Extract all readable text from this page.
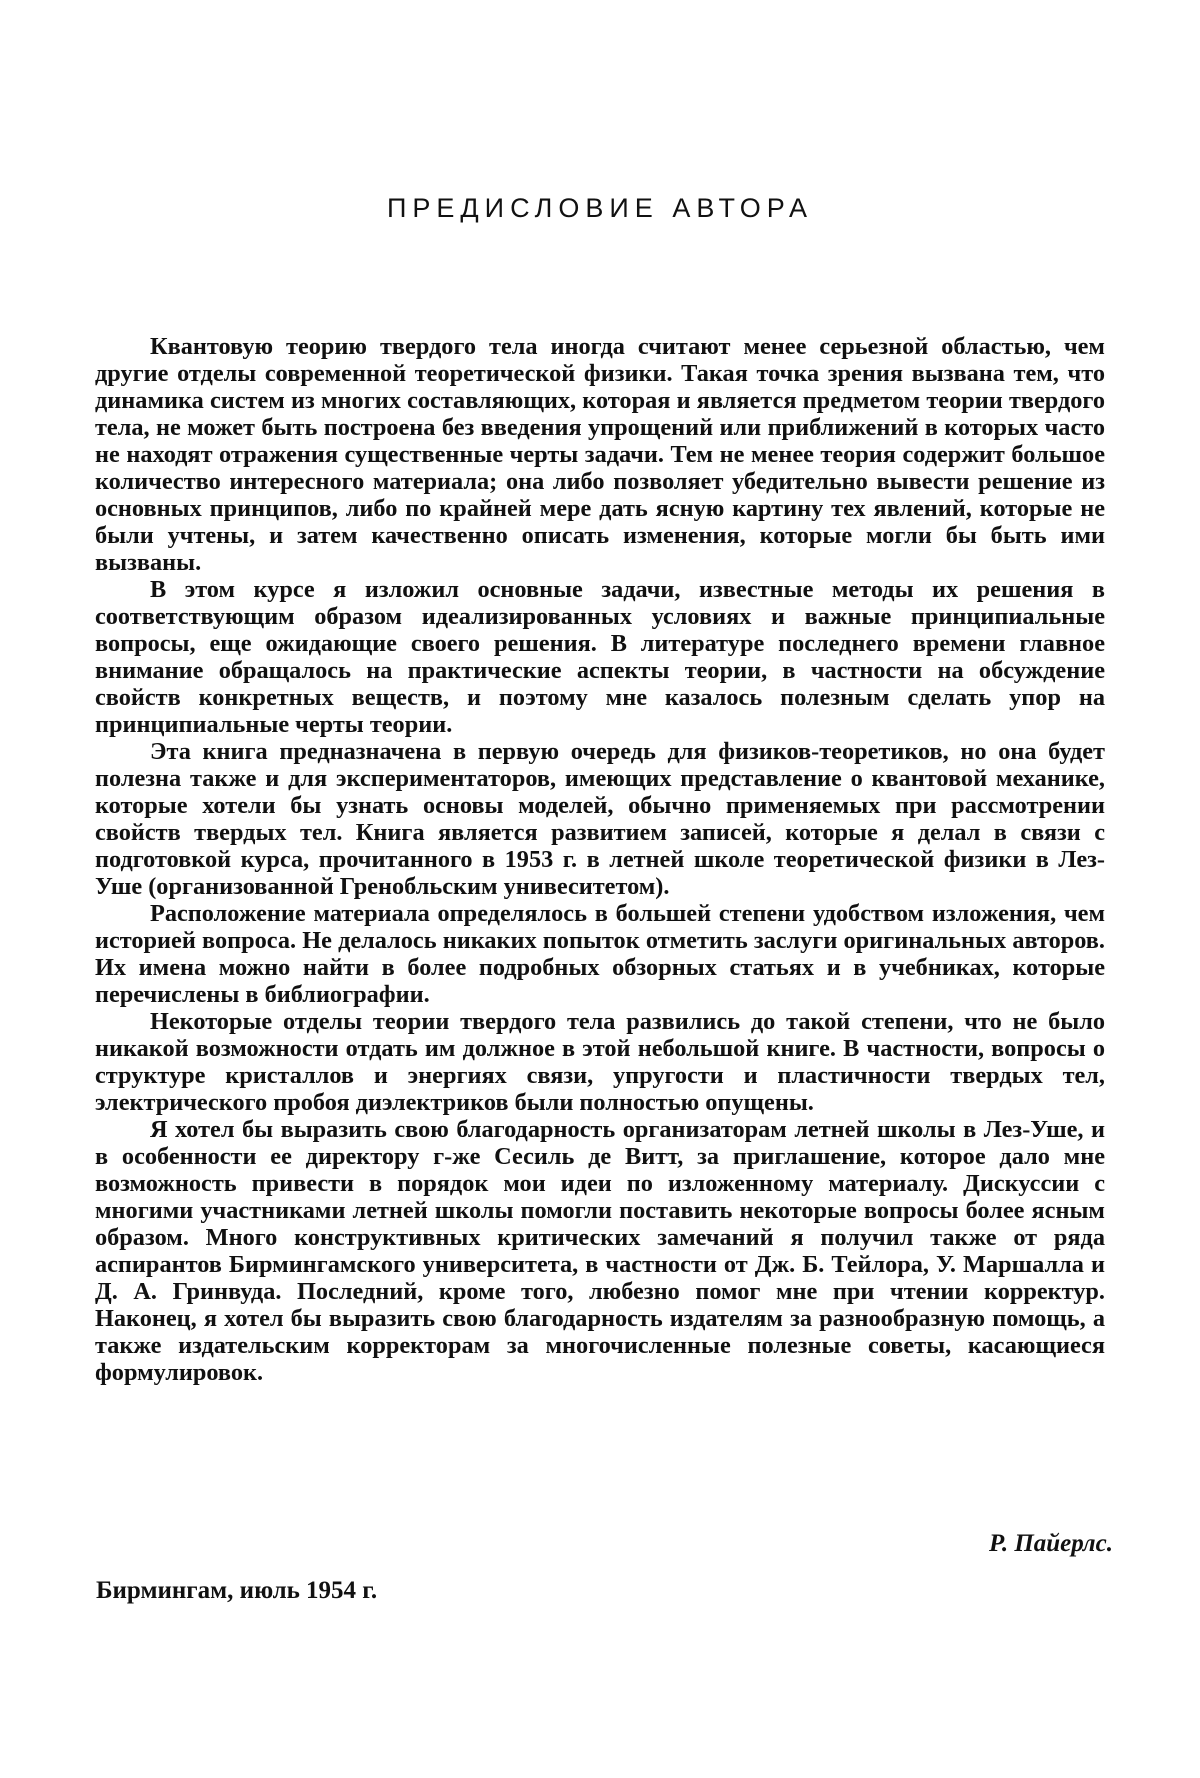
ПРЕДИСЛОВИЕ АВТОРА

Квантовую теорию твердого тела иногда считают менее серьезной областью, чем другие отделы современной теоретической физики. Такая точка зрения вызвана тем, что динамика систем из многих составляющих, которая и является предметом теории твердого тела, не может быть построена без введения упрощений или приближений в которых часто не находят отражения существенные черты задачи. Тем не менее теория содержит большое количество интересного материала; она либо позволяет убедительно вывести решение из основных принципов, либо по крайней мере дать ясную картину тех явлений, которые не были учтены, и затем качественно описать изменения, которые могли бы быть ими вызваны.

В этом курсе я изложил основные задачи, известные методы их решения в соответствующим образом идеализированных условиях и важные принципиальные вопросы, еще ожидающие своего решения. В литературе последнего времени главное внимание обращалось на практические аспекты теории, в частности на обсуждение свойств конкретных веществ, и поэтому мне казалось полезным сделать упор на принципиальные черты теории.

Эта книга предназначена в первую очередь для физиков-теоретиков, но она будет полезна также и для экспериментаторов, имеющих представление о квантовой механике, которые хотели бы узнать основы моделей, обычно применяемых при рассмотрении свойств твердых тел. Книга является развитием записей, которые я делал в связи с подготовкой курса, прочитанного в 1953 г. в летней школе теоретической физики в Лез-Уше (организованной Гренобльским унивеситетом).

Расположение материала определялось в большей степени удобством изложения, чем историей вопроса. Не делалось никаких попыток отметить заслуги оригинальных авторов. Их имена можно найти в более подробных обзорных статьях и в учебниках, которые перечислены в библиографии.

Некоторые отделы теории твердого тела развились до такой степени, что не было никакой возможности отдать им должное в этой небольшой книге. В частности, вопросы о структуре кристаллов и энергиях связи, упругости и пластичности твердых тел, электрического пробоя диэлектриков были полностью опущены.

Я хотел бы выразить свою благодарность организаторам летней школы в Лез-Уше, и в особенности ее директору г-же Сесиль де Витт, за приглашение, которое дало мне возможность привести в порядок мои идеи по изложенному материалу. Дискуссии с многими участниками летней школы помогли поставить некоторые вопросы более ясным образом. Много конструктивных критических замечаний я получил также от ряда аспирантов Бирмингамского университета, в частности от Дж. Б. Тейлора, У. Маршалла и Д. А. Гринвуда. Последний, кроме того, любезно помог мне при чтении корректур. Наконец, я хотел бы выразить свою благодарность издателям за разнообразную помощь, а также издательским корректорам за многочисленные полезные советы, касающиеся формулировок.

Р. Пайерлс.
Бирмингам, июль 1954 г.
